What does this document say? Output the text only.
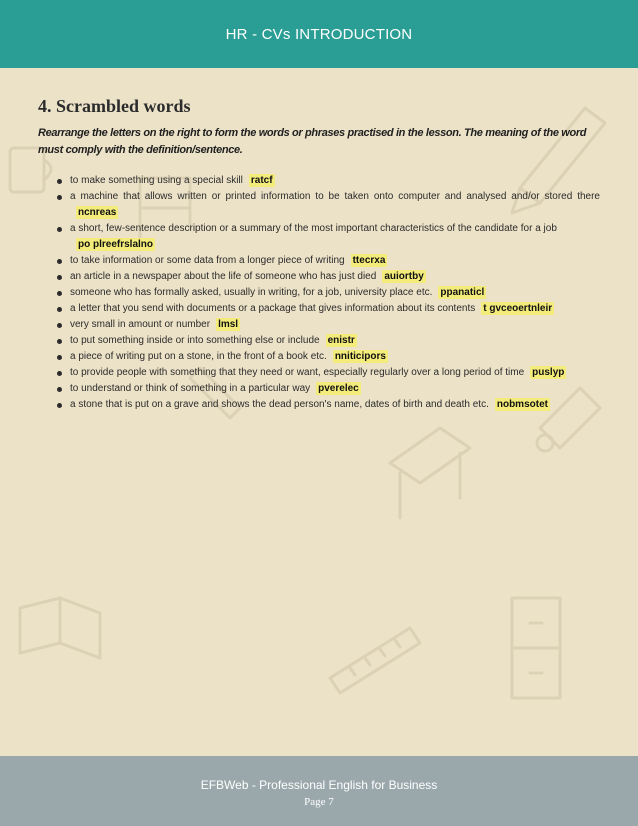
HR - CVs INTRODUCTION
4. Scrambled words

Rearrange the letters on the right to form the words or phrases practised in the lesson. The meaning of the word must comply with the definition/sentence.

to make something using a special skill ratcf
a machine that allows written or printed information to be taken onto computer and analysed and/or stored therencnreas
a short, few-sentence description or a summary of the most important characteristics of the candidate for a job
po plreefrslalno
to take information or some data from a longer piece of writing ttecrxa
an article in a newspaper about the life of someone who has just died auiortby
someone who has formally asked, usually in writing, for a job, university place etc. ppanaticl
a letter that you send with documents or a package that gives information about its contents t gvceoertnleir
very small in amount or number lmsl
to put something inside or into something else or include enistr
a piece of writing put on a stone, in the front of a book etc. nniticipors
to provide people with something that they need or want, especially regularly over a long period of time puslyp
to understand or think of something in a particular way pverelec
a stone that is put on a grave and shows the dead person's name, dates of birth and death etc. nobmsotet
EFBWeb - Professional English for Business
Page 7
